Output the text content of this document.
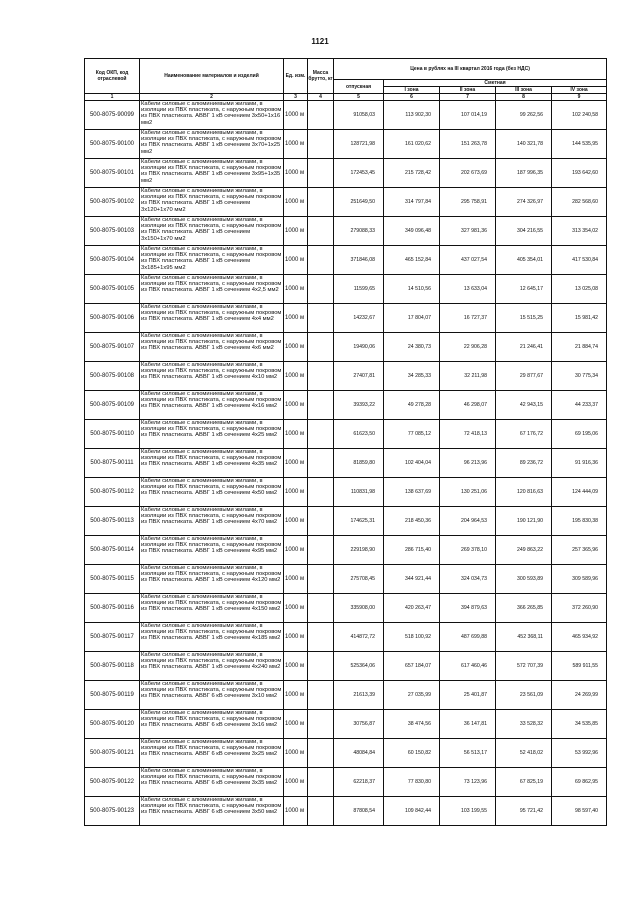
1121
Код ОКП, код отраслевой	Наименование материалов и изделий	Ед. изм.	Масса брутто, кг	Цена в рублях на III квартал 2016 года (без НДС)				
				отпускная	Сметная			
					I зона	II зона	III зона	IV зона
1	2	3	4	5	6	7	8	9
500-8075-90099	Кабели силовые с алюминиевыми жилами, в изоляции из ПВХ пластиката, с наружным покровом из ПВХ пластиката. АВВГ 1 кВ сечением 3х50+1х16 мм2	1000 м		91058,03	113 902,30	107 014,19	99 262,56	102 240,58
500-8075-90100	Кабели силовые с алюминиевыми жилами, в изоляции из ПВХ пластиката, с наружным покровом из ПВХ пластиката. АВВГ 1 кВ сечением 3х70+1х25 мм2	1000 м		128721,98	161 020,62	151 263,78	140 321,78	144 535,95
500-8075-90101	Кабели силовые с алюминиевыми жилами, в изоляции из ПВХ пластиката, с наружным покровом из ПВХ пластиката. АВВГ 1 кВ сечением 3х95+1х35 мм2	1000 м		172453,45	215 728,42	202 673,69	187 996,35	193 642,60
500-8075-90102	Кабели силовые с алюминиевыми жилами, в изоляции из ПВХ пластиката, с наружным покровом из ПВХ пластиката. АВВГ 1 кВ сечением 3х120+1х70 мм2	1000 м		251649,50	314 797,84	295 758,91	274 326,97	282 568,60
500-8075-90103	Кабели силовые с алюминиевыми жилами, в изоляции из ПВХ пластиката, с наружным покровом из ПВХ пластиката. АВВГ 1 кВ сечением 3х150+1х70 мм2	1000 м		279088,33	349 096,48	327 981,36	304 216,55	313 354,02
500-8075-90104	Кабели силовые с алюминиевыми жилами, в изоляции из ПВХ пластиката, с наружным покровом из ПВХ пластиката. АВВГ 1 кВ сечением 3х185+1х95 мм2	1000 м		371846,08	465 152,84	437 027,54	405 354,01	417 530,84
500-8075-90105	Кабели силовые с алюминиевыми жилами, в изоляции из ПВХ пластиката, с наружным покровом из ПВХ пластиката. АВВГ 1 кВ сечением 4х2,5 мм2	1000 м		11599,65	14 510,56	13 633,04	12 645,17	13 025,08
500-8075-90106	Кабели силовые с алюминиевыми жилами, в изоляции из ПВХ пластиката, с наружным покровом из ПВХ пластиката. АВВГ 1 кВ сечением 4х4 мм2	1000 м		14232,67	17 804,07	16 727,37	15 515,25	15 981,42
500-8075-90107	Кабели силовые с алюминиевыми жилами, в изоляции из ПВХ пластиката, с наружным покровом из ПВХ пластиката. АВВГ 1 кВ сечением 4х6 мм2	1000 м		19490,06	24 380,73	22 906,28	21 246,41	21 884,74
500-8075-90108	Кабели силовые с алюминиевыми жилами, в изоляции из ПВХ пластиката, с наружным покровом из ПВХ пластиката. АВВГ 1 кВ сечением 4х10 мм2	1000 м		27407,81	34 285,33	32 211,98	29 877,67	30 775,34
500-8075-90109	Кабели силовые с алюминиевыми жилами, в изоляции из ПВХ пластиката, с наружным покровом из ПВХ пластиката. АВВГ 1 кВ сечением 4х16 мм2	1000 м		39393,22	49 278,28	46 298,07	42 943,15	44 233,37
500-8075-90110	Кабели силовые с алюминиевыми жилами, в изоляции из ПВХ пластиката, с наружным покровом из ПВХ пластиката. АВВГ 1 кВ сечением 4х25 мм2	1000 м		61623,50	77 085,12	72 418,13	67 176,72	69 195,06
500-8075-90111	Кабели силовые с алюминиевыми жилами, в изоляции из ПВХ пластиката, с наружным покровом из ПВХ пластиката. АВВГ 1 кВ сечением 4х35 мм2	1000 м		81859,80	102 404,04	96 213,96	89 236,72	91 916,36
500-8075-90112	Кабели силовые с алюминиевыми жилами, в изоляции из ПВХ пластиката, с наружным покровом из ПВХ пластиката. АВВГ 1 кВ сечением 4х50 мм2	1000 м		110831,98	138 637,69	130 251,06	120 816,63	124 444,09
500-8075-90113	Кабели силовые с алюминиевыми жилами, в изоляции из ПВХ пластиката, с наружным покровом из ПВХ пластиката. АВВГ 1 кВ сечением 4х70 мм2	1000 м		174625,31	218 450,36	204 964,53	190 121,90	195 830,38
500-8075-90114	Кабели силовые с алюминиевыми жилами, в изоляции из ПВХ пластиката, с наружным покровом из ПВХ пластиката. АВВГ 1 кВ сечением 4х95 мм2	1000 м		229198,90	286 715,40	269 378,10	249 863,22	257 365,96
500-8075-90115	Кабели силовые с алюминиевыми жилами, в изоляции из ПВХ пластиката, с наружным покровом из ПВХ пластиката. АВВГ 1 кВ сечением 4х120 мм2	1000 м		275708,45	344 921,44	324 034,73	300 593,89	309 589,96
500-8075-90116	Кабели силовые с алюминиевыми жилами, в изоляции из ПВХ пластиката, с наружным покровом из ПВХ пластиката. АВВГ 1 кВ сечением 4х150 мм2	1000 м		335908,00	420 263,47	394 879,63	366 265,85	372 260,90
500-8075-90117	Кабели силовые с алюминиевыми жилами, в изоляции из ПВХ пластиката, с наружным покровом из ПВХ пластиката. АВВГ 1 кВ сечением 4х185 мм2	1000 м		414872,72	518 100,92	487 699,88	452 368,11	465 934,92
500-8075-90118	Кабели силовые с алюминиевыми жилами, в изоляции из ПВХ пластиката, с наружным покровом из ПВХ пластиката. АВВГ 1 кВ сечением 4х240 мм2	1000 м		525364,06	657 184,07	617 460,46	572 707,39	589 911,55
500-8075-90119	Кабели силовые с алюминиевыми жилами, в изоляции из ПВХ пластиката, с наружным покровом из ПВХ пластиката. АВВГ 6 кВ сечением 3х10 мм2	1000 м		21613,39	27 035,99	25 401,87	23 561,09	24 269,99
500-8075-90120	Кабели силовые с алюминиевыми жилами, в изоляции из ПВХ пластиката, с наружным покровом из ПВХ пластиката. АВВГ 6 кВ сечением 3х16 мм2	1000 м		30756,87	38 474,56	36 147,81	33 528,32	34 535,85
500-8075-90121	Кабели силовые с алюминиевыми жилами, в изоляции из ПВХ пластиката, с наружным покровом из ПВХ пластиката. АВВГ 6 кВ сечением 3х25 мм2	1000 м		48084,84	60 150,82	56 513,17	52 418,02	53 992,96
500-8075-90122	Кабели силовые с алюминиевыми жилами, в изоляции из ПВХ пластиката, с наружным покровом из ПВХ пластиката. АВВГ 6 кВ сечением 3х35 мм2	1000 м		62218,37	77 830,80	73 123,96	67 825,19	69 862,95
500-8075-90123	Кабели силовые с алюминиевыми жилами, в изоляции из ПВХ пластиката, с наружным покровом из ПВХ пластиката. АВВГ 6 кВ сечением 3х50 мм2	1000 м		87808,54	109 842,44	103 199,55	95 721,42	98 597,40
